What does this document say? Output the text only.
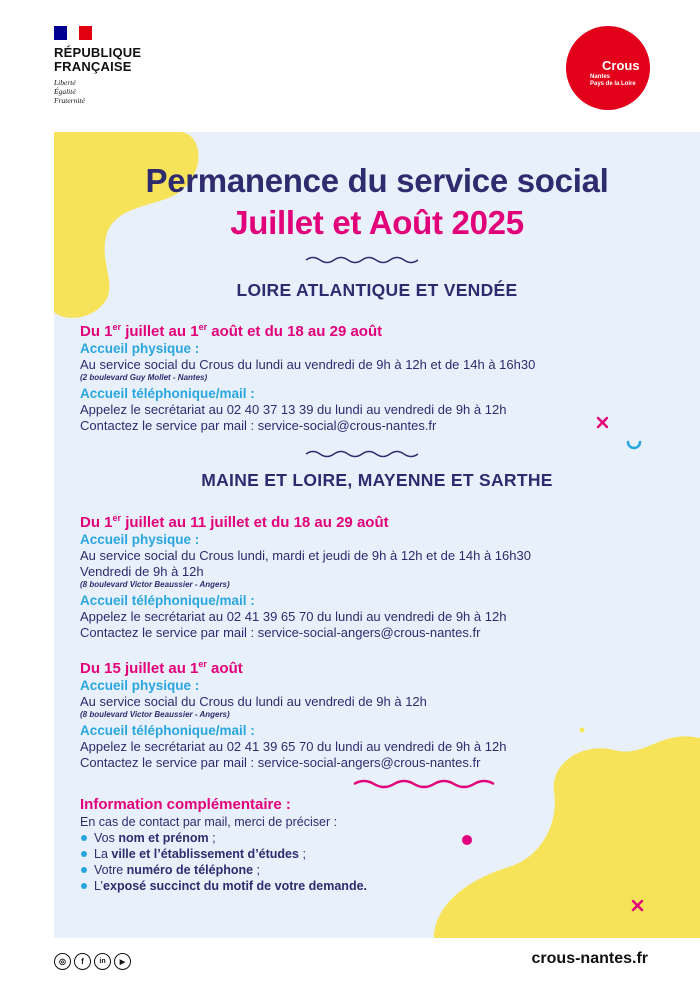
RÉPUBLIQUE
FRANÇAISE
Liberté
Égalité
Fraternité
Crous
Nantes
Pays de la Loire
Permanence du service social
Juillet et Août 2025
LOIRE ATLANTIQUE ET VENDÉE
Du 1er juillet au 1er août et du 18 au 29 août
Accueil physique :
Au service social du Crous du lundi au vendredi de 9h à 12h et de 14h à 16h30
(2 boulevard Guy Mollet - Nantes)
Accueil téléphonique/mail :
Appelez le secrétariat au 02 40 37 13 39 du lundi au vendredi de 9h à 12h
Contactez le service par mail : service-social@crous-nantes.fr
MAINE ET LOIRE, MAYENNE ET SARTHE
Du 1er juillet au 11 juillet et du 18 au 29 août
Accueil physique :
Au service social du Crous lundi, mardi et jeudi de 9h à 12h et de 14h à 16h30
Vendredi de 9h à 12h
(8 boulevard Victor Beaussier - Angers)
Accueil téléphonique/mail :
Appelez le secrétariat au 02 41 39 65 70 du lundi au vendredi de 9h à 12h
Contactez le service par mail : service-social-angers@crous-nantes.fr
Du 15 juillet au 1er août
Accueil physique :
Au service social du Crous du lundi au vendredi de 9h à 12h
(8 boulevard Victor Beaussier - Angers)
Accueil téléphonique/mail :
Appelez le secrétariat au 02 41 39 65 70 du lundi au vendredi de 9h à 12h
Contactez le service par mail : service-social-angers@crous-nantes.fr
Information complémentaire :
En cas de contact par mail, merci de préciser :
Vos nom et prénom ;
La ville et l’établissement d’études ;
Votre numéro de téléphone ;
L’exposé succinct du motif de votre demande.
◎	f	in	▶	crous-nantes.fr
